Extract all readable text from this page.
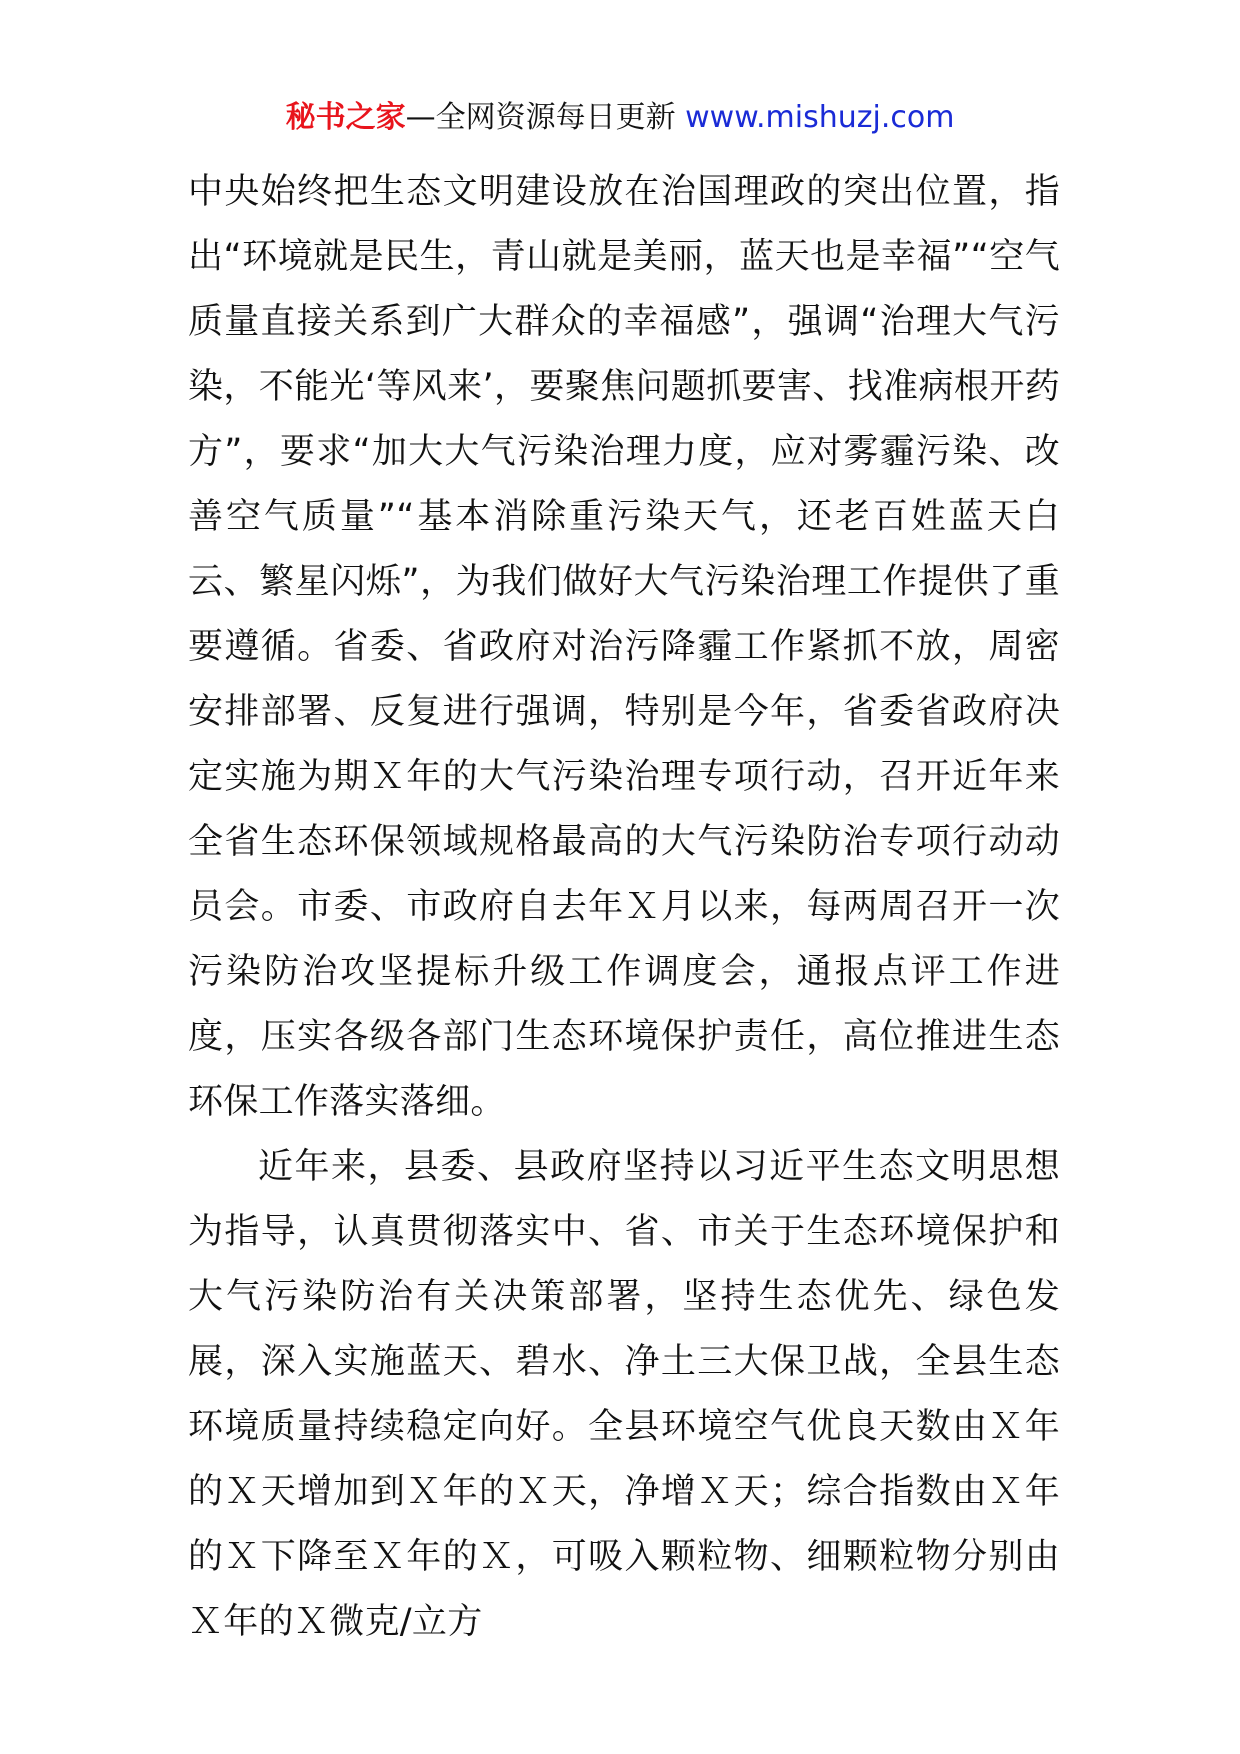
秘书之家—全网资源每日更新 www.mishuzj.com

中央始终把生态文明建设放在治国理政的突出位置，指出“环境就是民生，青山就是美丽，蓝天也是幸福”“空气质量直接关系到广大群众的幸福感”，强调“治理大气污染，不能光‘等风来’，要聚焦问题抓要害、找准病根开药方”，要求“加大大气污染治理力度，应对雾霾污染、改善空气质量”“基本消除重污染天气，还老百姓蓝天白云、繁星闪烁”，为我们做好大气污染治理工作提供了重要遵循。省委、省政府对治污降霾工作紧抓不放，周密安排部署、反复进行强调，特别是今年，省委省政府决定实施为期Ｘ年的大气污染治理专项行动，召开近年来全省生态环保领域规格最高的大气污染防治专项行动动员会。市委、市政府自去年Ｘ月以来，每两周召开一次污染防治攻坚提标升级工作调度会，通报点评工作进度，压实各级各部门生态环境保护责任，高位推进生态环保工作落实落细。

近年来，县委、县政府坚持以习近平生态文明思想为指导，认真贯彻落实中、省、市关于生态环境保护和大气污染防治有关决策部署，坚持生态优先、绿色发展，深入实施蓝天、碧水、净土三大保卫战，全县生态环境质量持续稳定向好。全县环境空气优良天数由Ｘ年的Ｘ天增加到Ｘ年的Ｘ天，净增Ｘ天；综合指数由Ｘ年的Ｘ下降至Ｘ年的Ｘ，可吸入颗粒物、细颗粒物分别由Ｘ年的Ｘ微克/立方
